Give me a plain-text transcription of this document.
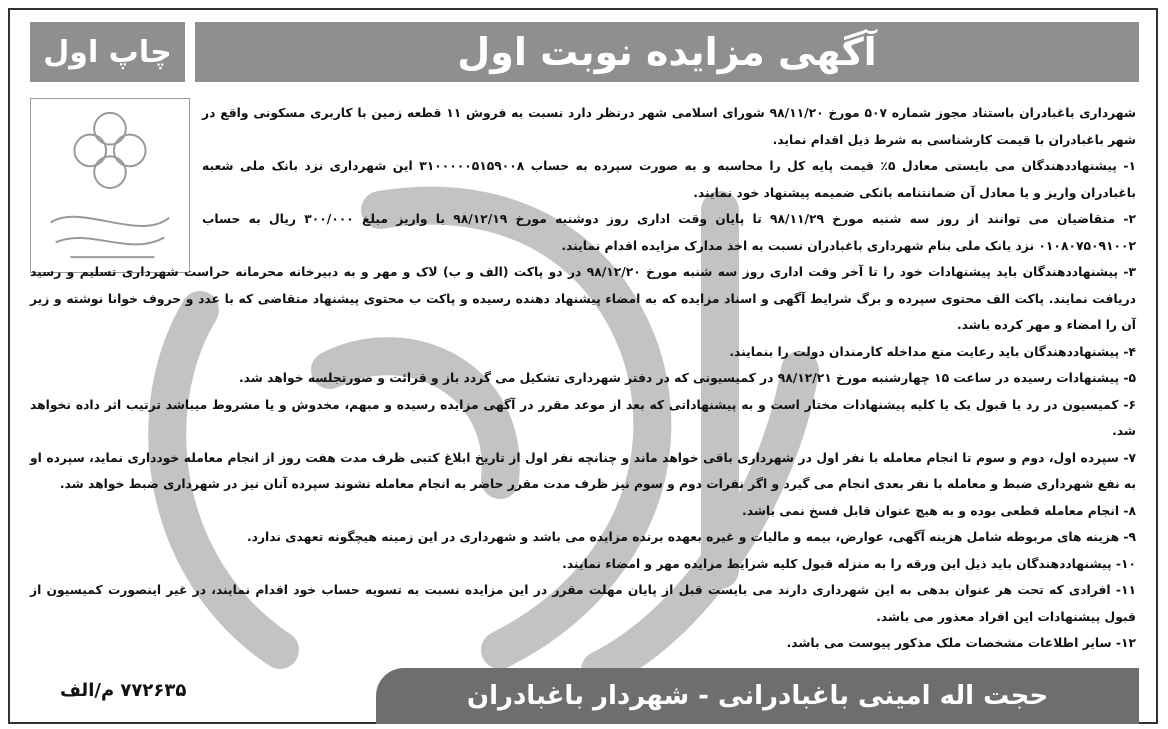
آگهی مزایده نوبت اول
چاپ اول

شهرداری باغبادران باستناد مجوز شماره ۵۰۷ مورخ ۹۸/۱۱/۲۰ شورای اسلامی شهر درنظر دارد نسبت به فروش ۱۱ قطعه زمین با کاربری مسکونی واقع در شهر باغبادران با قیمت کارشناسی به شرط ذیل اقدام نماید.

۱- پیشنهاددهندگان می بایستی معادل ۵٪ قیمت پایه کل را محاسبه و به صورت سپرده به حساب ۳۱۰۰۰۰۰۵۱۵۹۰۰۸ این شهرداری نزد بانک ملی شعبه باغبادران واریز و یا معادل آن ضمانتنامه بانکی ضمیمه پیشنهاد خود نمایند.

۲- متقاضیان می توانند از روز سه شنبه مورخ ۹۸/۱۱/۲۹ تا پایان وقت اداری روز دوشنبه مورخ ۹۸/۱۲/۱۹ با واریز مبلغ ۳۰۰/۰۰۰ ریال به حساب ۰۱۰۸۰۷۵۰۹۱۰۰۲ نزد بانک ملی بنام شهرداری باغبادران نسبت به اخذ مدارک مزایده اقدام نمایند.

۳- پیشنهاددهندگان باید پیشنهادات خود را تا آخر وقت اداری روز سه شنبه مورخ ۹۸/۱۲/۲۰ در دو پاکت (الف و ب) لاک و مهر و به دبیرخانه محرمانه حراست شهرداری تسلیم و رسید دریافت نمایند. پاکت الف محتوی سپرده و برگ شرایط آگهی و اسناد مزایده که به امضاء پیشنهاد دهنده رسیده و پاکت ب محتوی پیشنهاد متقاضی که با عدد و حروف خوانا نوشته و زیر آن را امضاء و مهر کرده باشد.

۴- پیشنهاددهندگان باید رعایت منع مداخله کارمندان دولت را بنمایند.

۵- پیشنهادات رسیده در ساعت ۱۵ چهارشنبه مورخ ۹۸/۱۲/۲۱ در کمیسیونی که در دفتر شهرداری تشکیل می گردد باز و قرائت و صورتجلسه خواهد شد.

۶- کمیسیون در رد یا قبول یک یا کلیه پیشنهادات مختار است و به پیشنهاداتی که بعد از موعد مقرر در آگهی مزایده رسیده و مبهم، مخدوش و یا مشروط میباشد ترتیب اثر داده نخواهد شد.

۷- سپرده اول، دوم و سوم تا انجام معامله با نفر اول در شهرداری باقی خواهد ماند و چنانچه نفر اول از تاریخ ابلاغ کتبی ظرف مدت هفت روز از انجام معامله خودداری نماید، سپرده او به نفع شهرداری ضبط و معامله با نفر بعدی انجام می گیرد و اگر نفرات دوم و سوم نیز ظرف مدت مقرر حاضر به انجام معامله نشوند سپرده آنان نیز در شهرداری ضبط خواهد شد.

۸- انجام معامله قطعی بوده و به هیچ عنوان قابل فسخ نمی باشد.

۹- هزینه های مربوطه شامل هزینه آگهی، عوارض، بیمه و مالیات و غیره بعهده برنده مزایده می باشد و شهرداری در این زمینه هیچگونه تعهدی ندارد.

۱۰- پیشنهاددهندگان باید ذیل این ورقه را به منزله قبول کلیه شرایط مزایده مهر و امضاء نمایند.

۱۱- افرادی که تحت هر عنوان بدهی به این شهرداری دارند می بایست قبل از پایان مهلت مقرر در این مزایده نسبت به تسویه حساب خود اقدام نمایند، در غیر اینصورت کمیسیون از قبول پیشنهادات این افراد معذور می باشد.

۱۲- سایر اطلاعات مشخصات ملک مذکور پیوست می باشد.

حجت اله امینی باغبادرانی - شهردار باغبادران
۷۷۲۶۳۵ م/الف
